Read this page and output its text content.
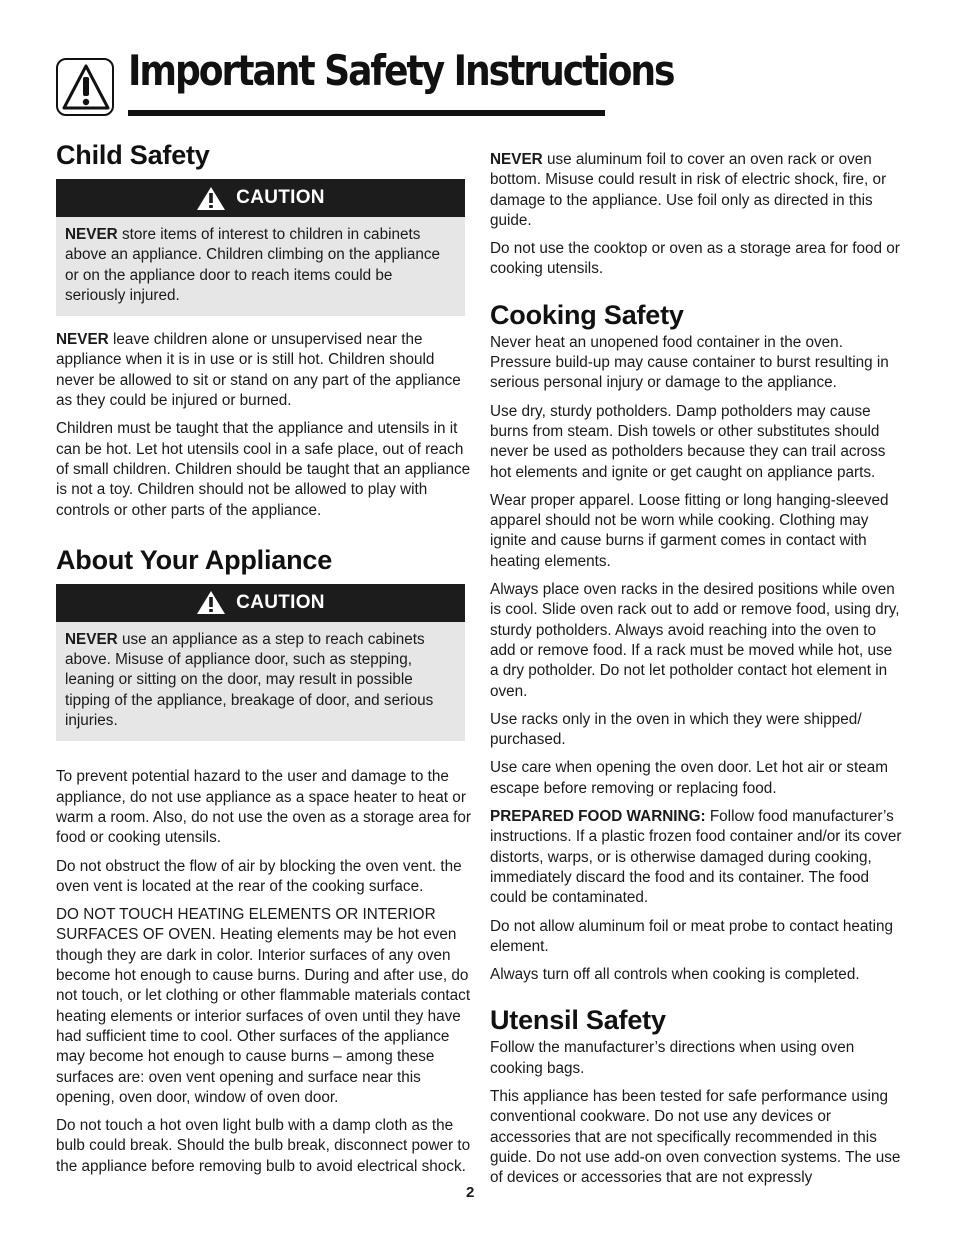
Important Safety Instructions
Child Safety
CAUTION
NEVER store items of interest to children in cabinets above an appliance. Children climbing on the appliance or on the appliance door to reach items could be seriously injured.

NEVER leave children alone or unsupervised near the appliance when it is in use or is still hot. Children should never be allowed to sit or stand on any part of the appliance as they could be injured or burned.

Children must be taught that the appliance and utensils in it can be hot. Let hot utensils cool in a safe place, out of reach of small children. Children should be taught that an appliance is not a toy. Children should not be allowed to play with controls or other parts of the appliance.

About Your Appliance
CAUTION
NEVER use an appliance as a step to reach cabinets above. Misuse of appliance door, such as stepping, leaning or sitting on the door, may result in possible tipping of the appliance, breakage of door, and serious injuries.

To prevent potential hazard to the user and damage to the appliance, do not use appliance as a space heater to heat or warm a room. Also, do not use the oven as a storage area for food or cooking utensils.

Do not obstruct the flow of air by blocking the oven vent. the oven vent is located at the rear of the cooking surface.

DO NOT TOUCH HEATING ELEMENTS OR INTERIOR SURFACES OF OVEN. Heating elements may be hot even though they are dark in color. Interior surfaces of any oven become hot enough to cause burns. During and after use, do not touch, or let clothing or other flammable materials contact heating elements or interior surfaces of oven until they have had sufficient time to cool. Other surfaces of the appliance may become hot enough to cause burns – among these surfaces are: oven vent opening and surface near this opening, oven door, window of oven door.

Do not touch a hot oven light bulb with a damp cloth as the bulb could break. Should the bulb break, disconnect power to the appliance before removing bulb to avoid electrical shock.

NEVER use aluminum foil to cover an oven rack or oven bottom. Misuse could result in risk of electric shock, fire, or damage to the appliance. Use foil only as directed in this guide.

Do not use the cooktop or oven as a storage area for food or cooking utensils.

Cooking Safety

Never heat an unopened food container in the oven. Pressure build-up may cause container to burst resulting in serious personal injury or damage to the appliance.

Use dry, sturdy potholders. Damp potholders may cause burns from steam. Dish towels or other substitutes should never be used as potholders because they can trail across hot elements and ignite or get caught on appliance parts.

Wear proper apparel. Loose fitting or long hanging-sleeved apparel should not be worn while cooking. Clothing may ignite and cause burns if garment comes in contact with heating elements.

Always place oven racks in the desired positions while oven is cool. Slide oven rack out to add or remove food, using dry, sturdy potholders. Always avoid reaching into the oven to add or remove food. If a rack must be moved while hot, use a dry potholder. Do not let potholder contact hot element in oven.

Use racks only in the oven in which they were shipped/ purchased.

Use care when opening the oven door. Let hot air or steam escape before removing or replacing food.

PREPARED FOOD WARNING: Follow food manufacturer’s instructions. If a plastic frozen food container and/or its cover distorts, warps, or is otherwise damaged during cooking, immediately discard the food and its container. The food could be contaminated.

Do not allow aluminum foil or meat probe to contact heating element.

Always turn off all controls when cooking is completed.

Utensil Safety

Follow the manufacturer’s directions when using oven cooking bags.

This appliance has been tested for safe performance using conventional cookware. Do not use any devices or accessories that are not specifically recommended in this guide. Do not use add-on oven convection systems. The use of devices or accessories that are not expressly

2
